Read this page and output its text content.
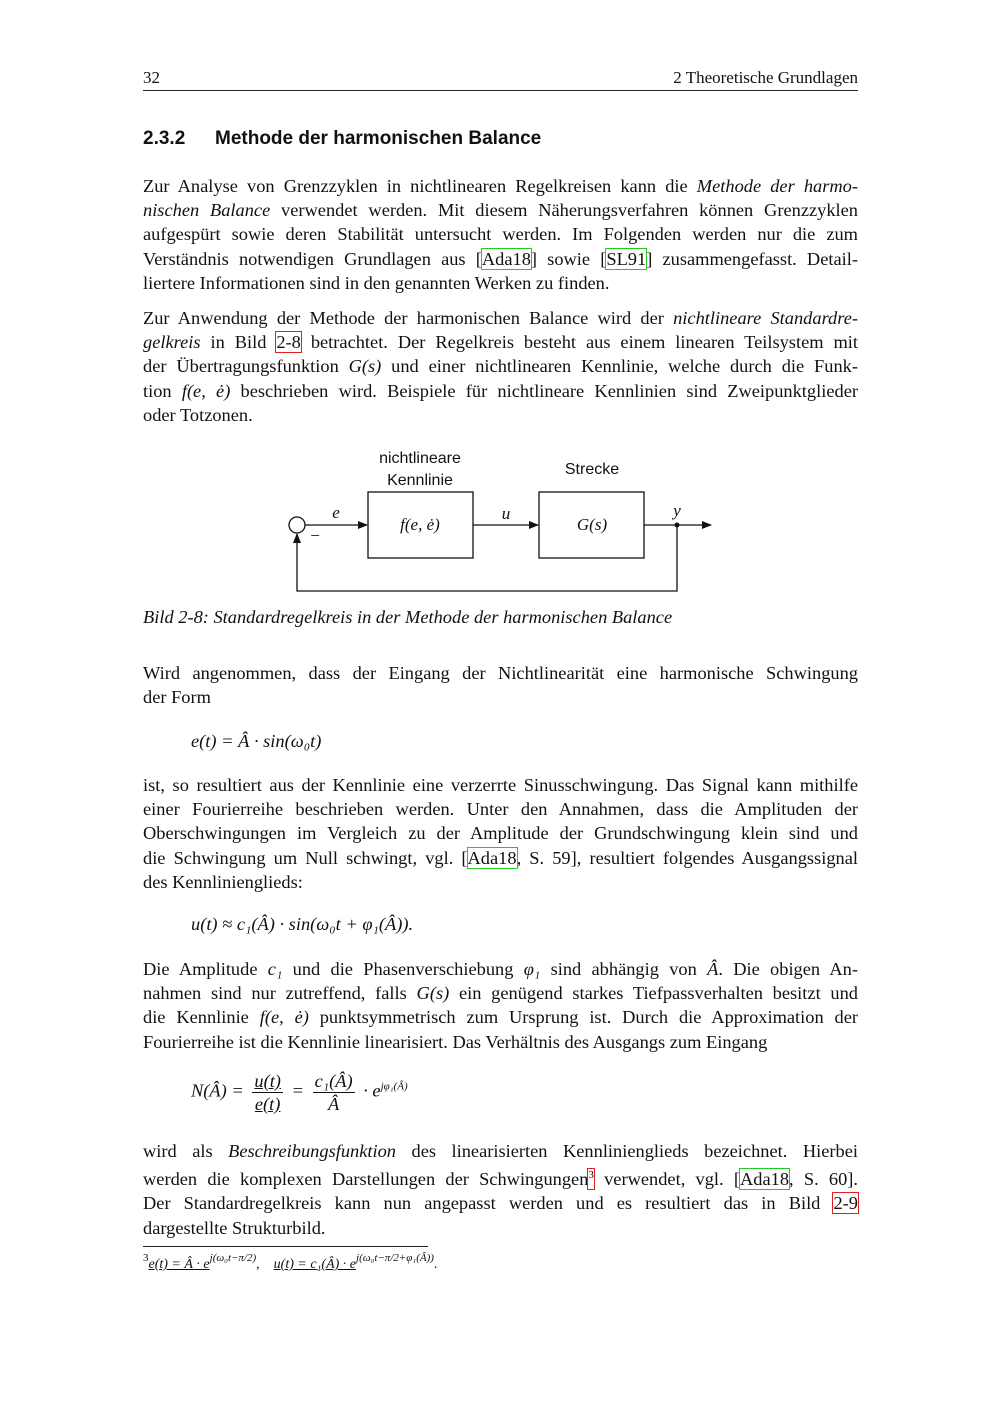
32	2 Theoretische Grundlagen
2.3.2 Methode der harmonischen Balance
Zur Analyse von Grenzzyklen in nichtlinearen Regelkreisen kann die Methode der harmo-
nischen Balance verwendet werden. Mit diesem Näherungsverfahren können Grenzzyklen
aufgespürt sowie deren Stabilität untersucht werden. Im Folgenden werden nur die zum
Verständnis notwendigen Grundlagen aus [Ada18] sowie [SL91] zusammengefasst. Detail-
liertere Informationen sind in den genannten Werken zu finden.
Zur Anwendung der Methode der harmonischen Balance wird der nichtlineare Standardre-
gelkreis in Bild 2-8 betrachtet. Der Regelkreis besteht aus einem linearen Teilsystem mit
der Übertragungsfunktion G(s) und einer nichtlinearen Kennlinie, welche durch die Funk-
tion f(e, ė) beschrieben wird. Beispiele für nichtlineare Kennlinien sind Zweipunktglieder
oder Totzonen.
Bild 2-8: Standardregelkreis in der Methode der harmonischen Balance
Wird angenommen, dass der Eingang der Nichtlinearität eine harmonische Schwingung
der Form
e(t) = Â · sin(ω₀t)
ist, so resultiert aus der Kennlinie eine verzerrte Sinusschwingung. Das Signal kann mithilfe
einer Fourierreihe beschrieben werden. Unter den Annahmen, dass die Amplituden der
Oberschwingungen im Vergleich zu der Amplitude der Grundschwingung klein sind und
die Schwingung um Null schwingt, vgl. [Ada18, S. 59], resultiert folgendes Ausgangssignal
des Kennlinienglieds:
u(t) ≈ c₁(Â) · sin(ω₀t + φ₁(Â)).
Die Amplitude c₁ und die Phasenverschiebung φ₁ sind abhängig von Â. Die obigen An-
nahmen sind nur zutreffend, falls G(s) ein genügend starkes Tiefpassverhalten besitzt und
die Kennlinie f(e, ė) punktsymmetrisch zum Ursprung ist. Durch die Approximation der
Fourierreihe ist die Kennlinie linearisiert. Das Verhältnis des Ausgangs zum Eingang
N(Â) = $\frac{u(t)}{e(t)} = \frac{\text{c₁(Â)}}{Â} \cdot e^{j\varphi_1(Â)}$
wird als Beschreibungsfunktion des linearisierten Kennlinienglieds bezeichnet. Hierbei
werden die komplexen Darstellungen der Schwingungen$^3$ verwendet, vgl. [Ada18, S. 60].
Der Standardregelkreis kann nun angepasst werden und es resultiert das in Bild 2-9
dargestellte Strukturbild.
$^3$e(t) = Â · $e^{j(\omega_0t-\pi/2)}$, u(t) = c₁(Â) · $e^{j(\omega_0t-\pi/2+\varphi_1(Â))}$.
nichtlineare
Kennlinie
Strecke
e
−
f(e, ė)
u
G(s)
y
